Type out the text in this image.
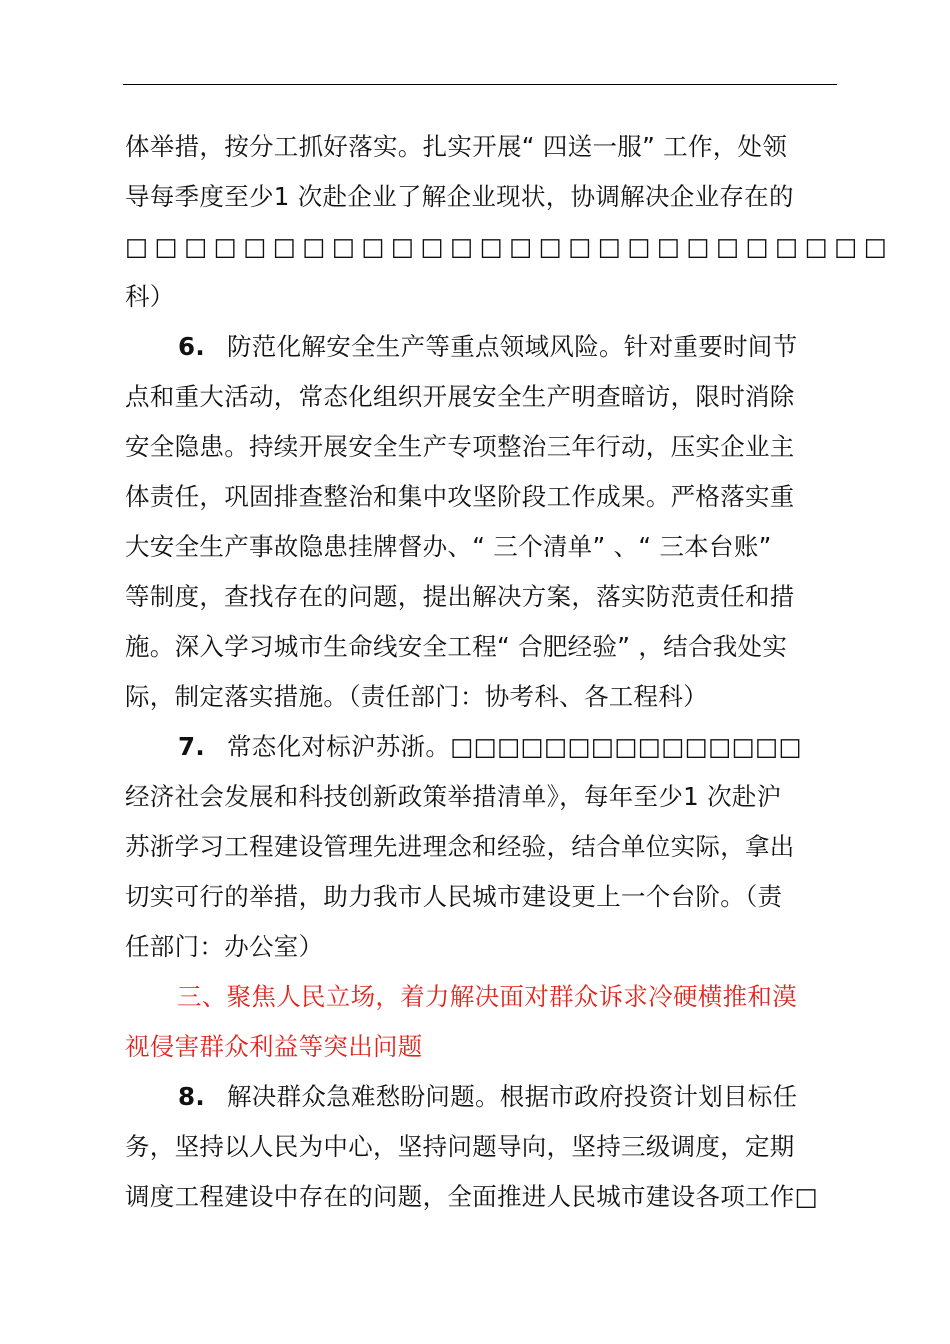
体举措，按分工抓好落实。扎实开展“ 四送一服” 工作，处领
导每季度至少1 次赴企业了解企业现状，协调解决企业存在的
□□□□□□□□□□□□□□□□□□□□□□□□□□
科）
6. 防范化解安全生产等重点领域风险。针对重要时间节
点和重大活动，常态化组织开展安全生产明查暗访，限时消除
安全隐患。持续开展安全生产专项整治三年行动，压实企业主
体责任，巩固排查整治和集中攻坚阶段工作成果。严格落实重
大安全生产事故隐患挂牌督办、“ 三个清单” 、“ 三本台账”
等制度，查找存在的问题，提出解决方案，落实防范责任和措
施。深入学习城市生命线安全工程“ 合肥经验” ，结合我处实
际，制定落实措施。（责任部门：协考科、各工程科）
7. 常态化对标沪苏浙。□□□□□□□□□□□□□□□
经济社会发展和科技创新政策举措清单》，每年至少1 次赴沪
苏浙学习工程建设管理先进理念和经验，结合单位实际，拿出
切实可行的举措，助力我市人民城市建设更上一个台阶。（责
任部门：办公室）
三、聚焦人民立场，着力解决面对群众诉求冷硬横推和漠
视侵害群众利益等突出问题
8. 解决群众急难愁盼问题。根据市政府投资计划目标任
务，坚持以人民为中心，坚持问题导向，坚持三级调度，定期
调度工程建设中存在的问题，全面推进人民城市建设各项工作□
